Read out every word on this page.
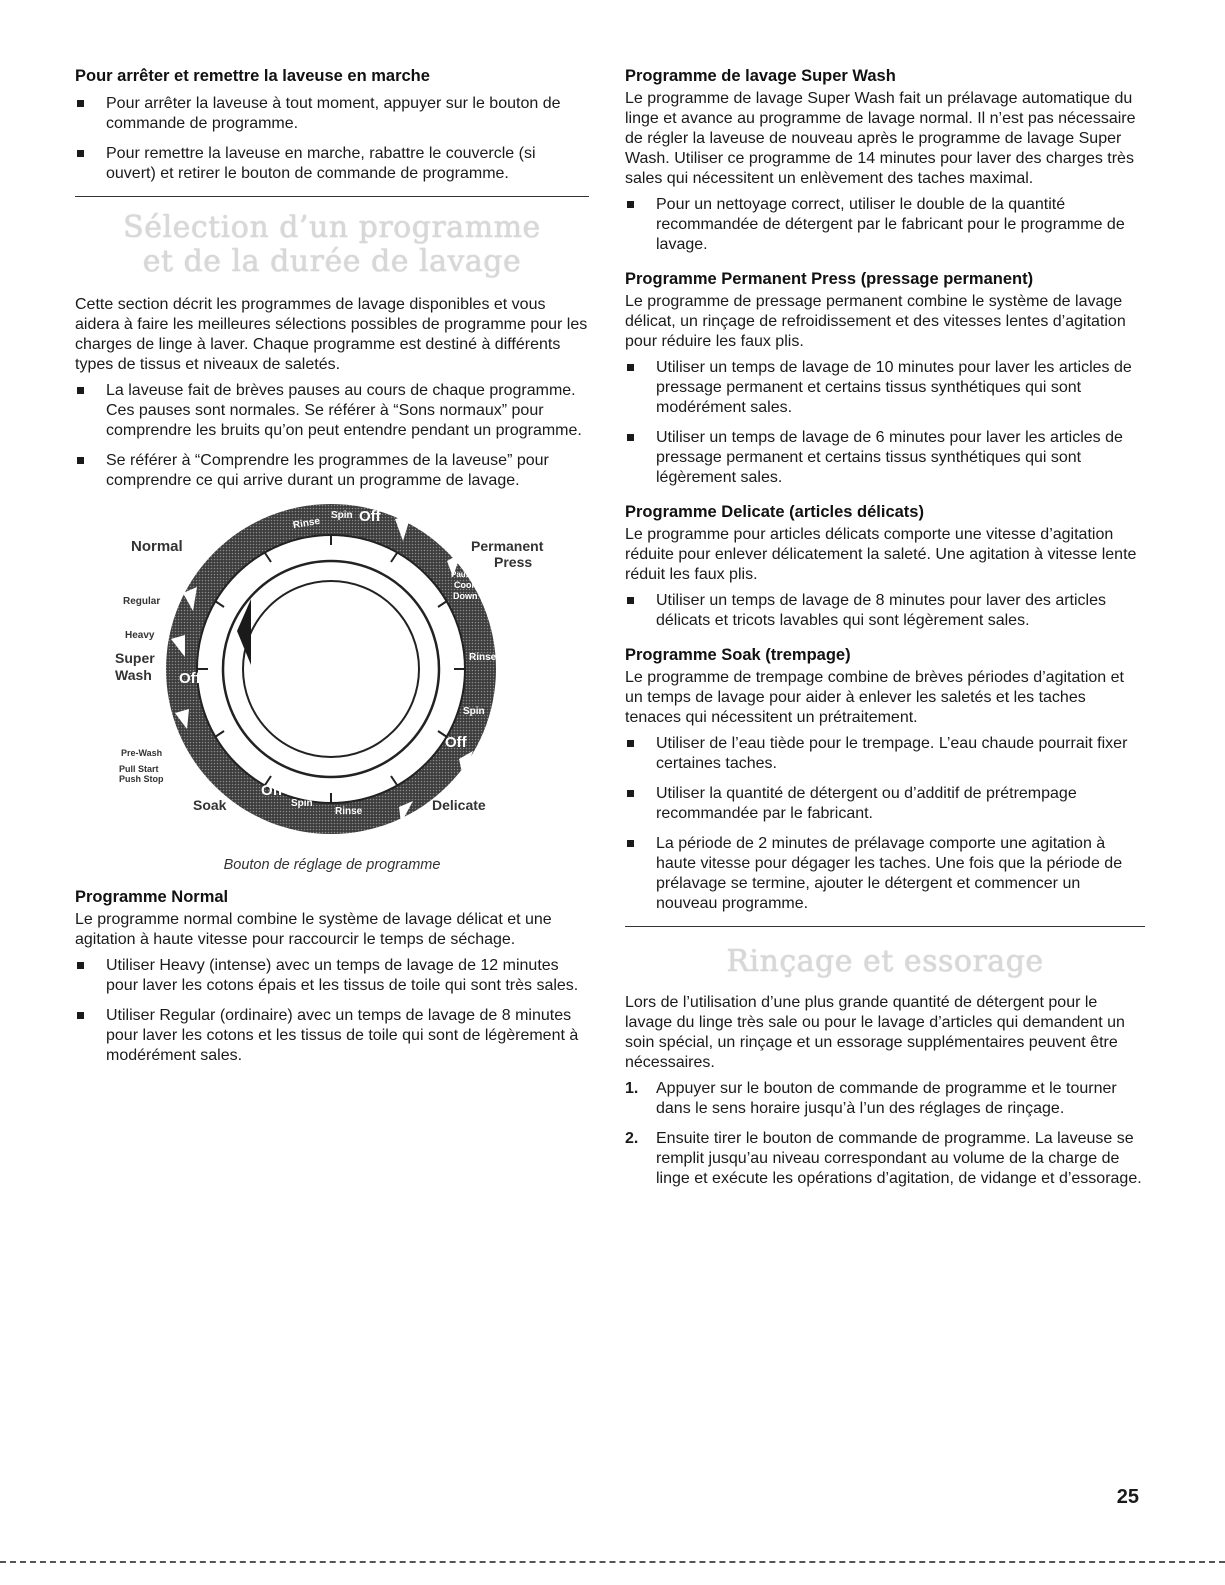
Pour arrêter et remettre la laveuse en marche
Pour arrêter la laveuse à tout moment, appuyer sur le bouton de commande de programme.
Pour remettre la laveuse en marche, rabattre le couvercle (si ouvert) et retirer le bouton de commande de programme.
Sélection d’un programme
et de la durée de lavage

Cette section décrit les programmes de lavage disponibles et vous aidera à faire les meilleures sélections possibles de programme pour les charges de linge à laver. Chaque programme est destiné à différents types de tissus et niveaux de saletés.

La laveuse fait de brèves pauses au cours de chaque programme. Ces pauses sont normales. Se référer à “Sons normaux” pour comprendre les bruits qu’on peut entendre pendant un programme.
Se référer à “Comprendre les programmes de la laveuse” pour comprendre ce qui arrive durant un programme de lavage.
Rinse
Spin Off
Pause
Cool
Down
Rinse
Spin
Off
Off
Off
Spin
Rinse
Normal	Permanent
Press
Regular
Heavy
Super
Wash
Pre-Wash
Pull Start
Push Stop
Soak	Delicate
Bouton de réglage de programme
Programme Normal

Le programme normal combine le système de lavage délicat et une agitation à haute vitesse pour raccourcir le temps de séchage.

Utiliser Heavy (intense) avec un temps de lavage de 12 minutes pour laver les cotons épais et les tissus de toile qui sont très sales.
Utiliser Regular (ordinaire) avec un temps de lavage de 8 minutes pour laver les cotons et les tissus de toile qui sont de légèrement à modérément sales.
Programme de lavage Super Wash

Le programme de lavage Super Wash fait un prélavage automatique du linge et avance au programme de lavage normal. Il n’est pas nécessaire de régler la laveuse de nouveau après le programme de lavage Super Wash. Utiliser ce programme de 14 minutes pour laver des charges très sales qui nécessitent un enlèvement des taches maximal.

Pour un nettoyage correct, utiliser le double de la quantité recommandée de détergent par le fabricant pour le programme de lavage.
Programme Permanent Press (pressage permanent)

Le programme de pressage permanent combine le système de lavage délicat, un rinçage de refroidissement et des vitesses lentes d’agitation pour réduire les faux plis.

Utiliser un temps de lavage de 10 minutes pour laver les articles de pressage permanent et certains tissus synthétiques qui sont modérément sales.
Utiliser un temps de lavage de 6 minutes pour laver les articles de pressage permanent et certains tissus synthétiques qui sont légèrement sales.
Programme Delicate (articles délicats)

Le programme pour articles délicats comporte une vitesse d’agitation réduite pour enlever délicatement la saleté. Une agitation à vitesse lente réduit les faux plis.

Utiliser un temps de lavage de 8 minutes pour laver des articles délicats et tricots lavables qui sont légèrement sales.
Programme Soak (trempage)

Le programme de trempage combine de brèves périodes d’agitation et un temps de lavage pour aider à enlever les saletés et les taches tenaces qui nécessitent un prétraitement.

Utiliser de l’eau tiède pour le trempage. L’eau chaude pourrait fixer certaines taches.
Utiliser la quantité de détergent ou d’additif de prétrempage recommandée par le fabricant.
La période de 2 minutes de prélavage comporte une agitation à haute vitesse pour dégager les taches. Une fois que la période de prélavage se termine, ajouter le détergent et commencer un nouveau programme.
Rinçage et essorage

Lors de l’utilisation d’une plus grande quantité de détergent pour le lavage du linge très sale ou pour le lavage d’articles qui demandent un soin spécial, un rinçage et un essorage supplémentaires peuvent être nécessaires.

1. Appuyer sur le bouton de commande de programme et le tourner dans le sens horaire jusqu’à l’un des réglages de rinçage.
2. Ensuite tirer le bouton de commande de programme. La laveuse se remplit jusqu’au niveau correspondant au volume de la charge de linge et exécute les opérations d’agitation, de vidange et d’essorage.
25
